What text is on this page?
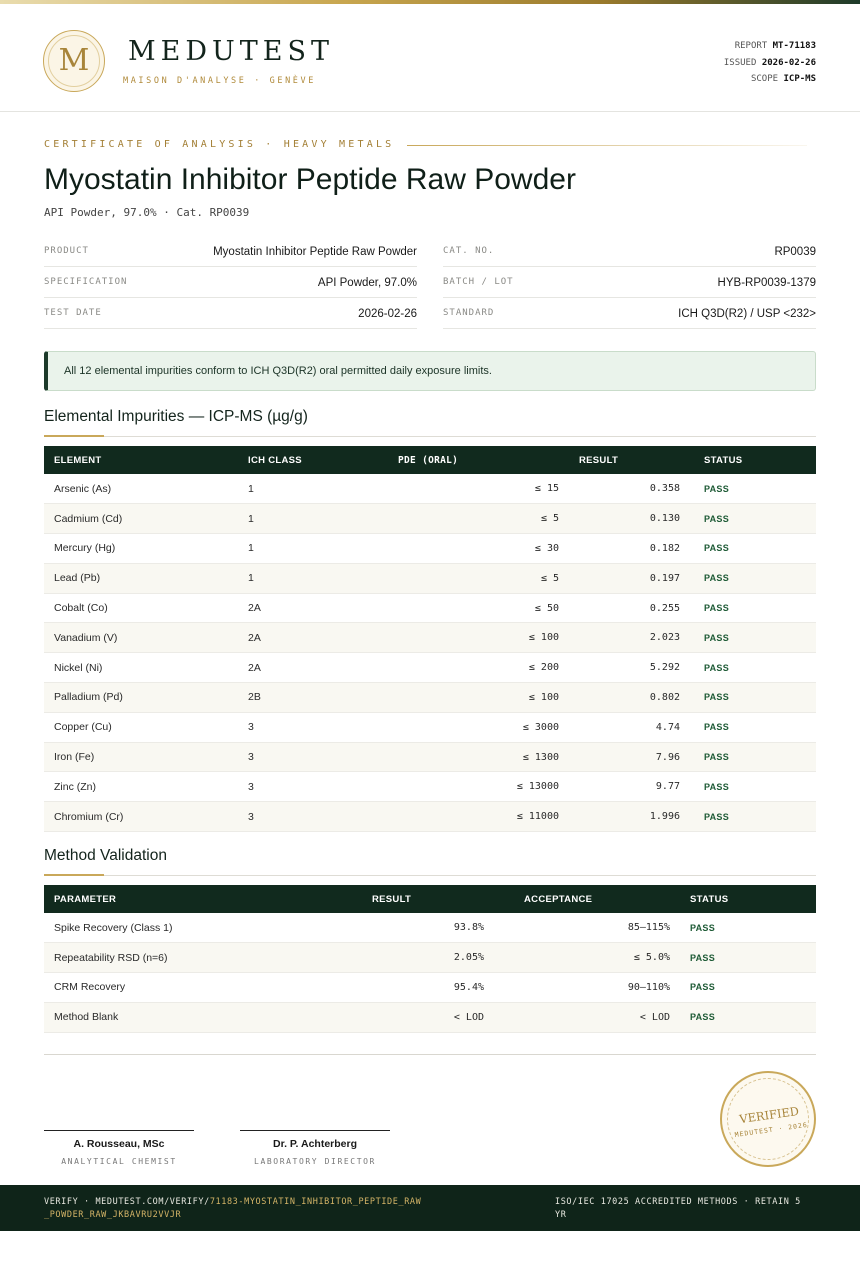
M	MEDUTEST
MAISON D'ANALYSE · GENÈVE
REPORT MT-71183
ISSUED 2026-02-26
SCOPE ICP-MS
CERTIFICATE OF ANALYSIS · HEAVY METALS
Myostatin Inhibitor Peptide Raw Powder
API Powder, 97.0% · Cat. RP0039
PRODUCT	Myostatin Inhibitor Peptide Raw Powder
SPECIFICATION	API Powder, 97.0%
TEST DATE	2026-02-26
CAT. NO.	RP0039
BATCH / LOT	HYB-RP0039-1379
STANDARD	ICH Q3D(R2) / USP <232>
All 12 elemental impurities conform to ICH Q3D(R2) oral permitted daily exposure limits.
Elemental Impurities — ICP-MS (µg/g)
ELEMENT	ICH CLASS	PDE (ORAL)	RESULT	STATUS
Arsenic (As)	1	≤ 15	0.358	PASS
Cadmium (Cd)	1	≤ 5	0.130	PASS
Mercury (Hg)	1	≤ 30	0.182	PASS
Lead (Pb)	1	≤ 5	0.197	PASS
Cobalt (Co)	2A	≤ 50	0.255	PASS
Vanadium (V)	2A	≤ 100	2.023	PASS
Nickel (Ni)	2A	≤ 200	5.292	PASS
Palladium (Pd)	2B	≤ 100	0.802	PASS
Copper (Cu)	3	≤ 3000	4.74	PASS
Iron (Fe)	3	≤ 1300	7.96	PASS
Zinc (Zn)	3	≤ 13000	9.77	PASS
Chromium (Cr)	3	≤ 11000	1.996	PASS
Method Validation
PARAMETER	RESULT	ACCEPTANCE	STATUS
Spike Recovery (Class 1)	93.8%	85–115%	PASS
Repeatability RSD (n=6)	2.05%	≤ 5.0%	PASS
CRM Recovery	95.4%	90–110%	PASS
Method Blank	< LOD	< LOD	PASS
A. Rousseau, MSc
ANALYTICAL CHEMIST
Dr. P. Achterberg
LABORATORY DIRECTOR
VERIFIED
MEDUTEST · 2026
VERIFY · MEDUTEST.COM/VERIFY/71183-MYOSTATIN_INHIBITOR_PEPTIDE_RAW_POWDER_RAW_JKBAVRU2VVJR
ISO/IEC 17025 ACCREDITED METHODS · RETAIN 5 YR
